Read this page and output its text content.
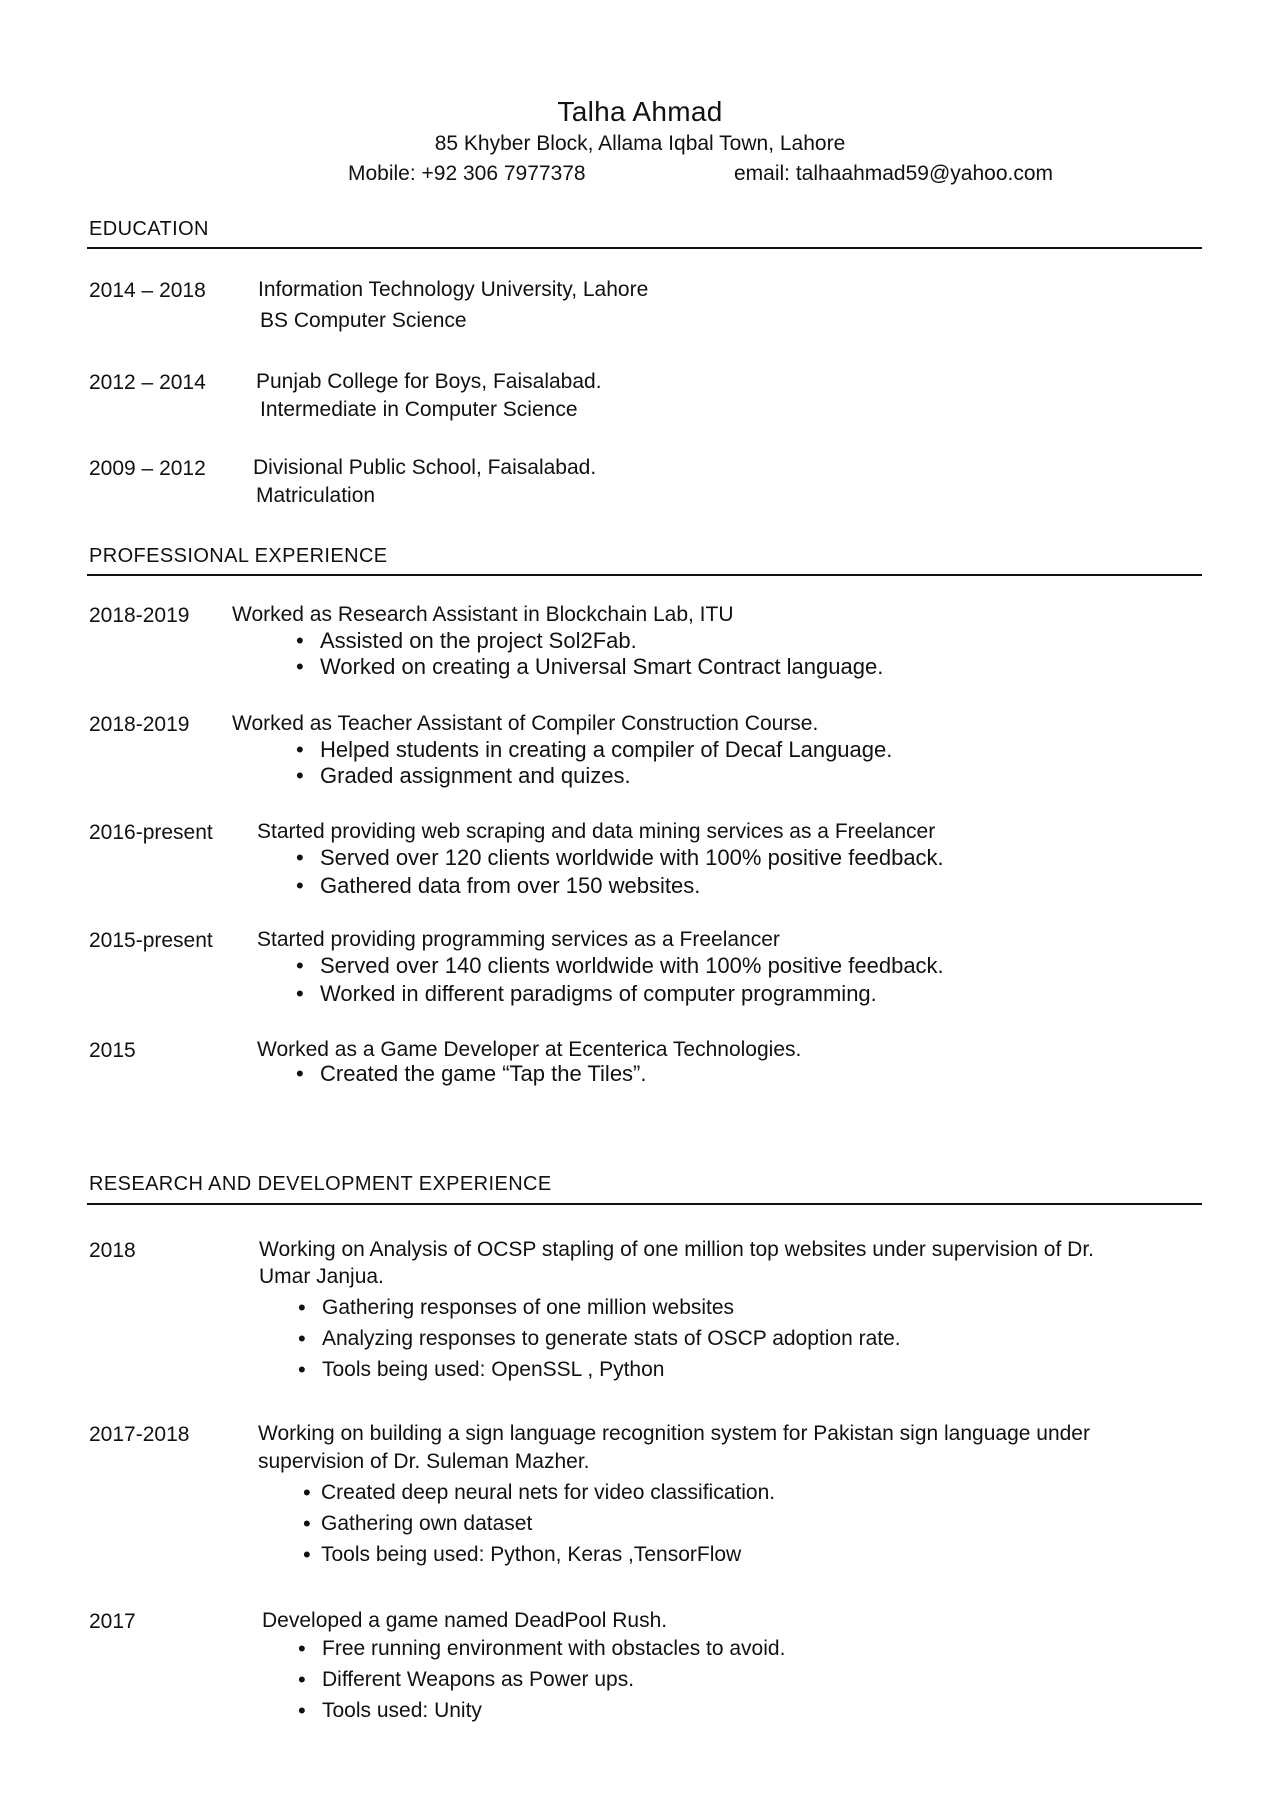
Talha Ahmad
85 Khyber Block, Allama Iqbal Town, Lahore
Mobile: +92 306 7977378	email: talhaahmad59@yahoo.com
EDUCATION
2014 – 2018 Information Technology University, Lahore
BS Computer Science
2012 – 2014 Punjab College for Boys, Faisalabad.
Intermediate in Computer Science
2009 – 2012 Divisional Public School, Faisalabad.
Matriculation
PROFESSIONAL EXPERIENCE
2018-2019 Worked as Research Assistant in Blockchain Lab, ITU
• Assisted on the project Sol2Fab.
• Worked on creating a Universal Smart Contract language.
2018-2019 Worked as Teacher Assistant of Compiler Construction Course.
• Helped students in creating a compiler of Decaf Language.
• Graded assignment and quizes.
2016-present Started providing web scraping and data mining services as a Freelancer
• Served over 120 clients worldwide with 100% positive feedback.
• Gathered data from over 150 websites.
2015-present Started providing programming services as a Freelancer
• Served over 140 clients worldwide with 100% positive feedback.
• Worked in different paradigms of computer programming.
2015	Worked as a Game Developer at Ecenterica Technologies.
• Created the game “Tap the Tiles”.
RESEARCH AND DEVELOPMENT EXPERIENCE
2018	Working on Analysis of OCSP stapling of one million top websites under supervision of Dr.
Umar Janjua.
• Gathering responses of one million websites
• Analyzing responses to generate stats of OSCP adoption rate.
• Tools being used: OpenSSL , Python
2017-2018	Working on building a sign language recognition system for Pakistan sign language under
supervision of Dr. Suleman Mazher.
• Created deep neural nets for video classification.
• Gathering own dataset
• Tools being used: Python, Keras ,TensorFlow
2017	Developed a game named DeadPool Rush.
• Free running environment with obstacles to avoid.
• Different Weapons as Power ups.
• Tools used: Unity
